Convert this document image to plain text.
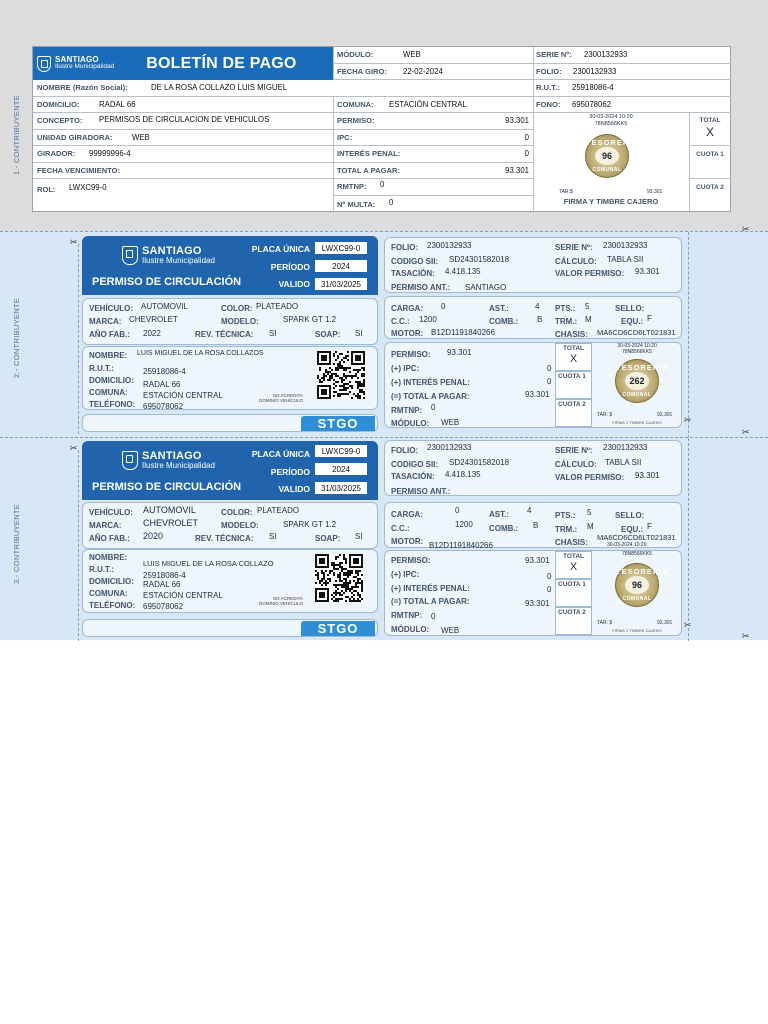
1.- CONTRIBUYENTE
SANTIAGO
Ilustre Municipalidad BOLETÍN DE PAGO	MÓDULO:	WEB	SERIE Nº: 2300132933
FECHA GIRO: 22-02-2024	FOLIO: 2300132933
NOMBRE (Razón Social):	DE LA ROSA COLLAZO LUIS MIGUEL	R.U.T.: 25918086-4
DOMICILIO: RADAL 66	COMUNA: ESTACIÓN CENTRAL	FONO: 695078062
CONCEPTO: PERMISOS DE CIRCULACION DE VEHICULOS
UNIDAD GIRADORA: WEB
GIRADOR: 99999996-4
FECHA VENCIMIENTO:
ROL: LWXC99-0
PERMISO:	93.301
IPC:	0
INTERÉS PENAL:	0
TOTAL A PAGAR:	93.301
RMTNP: 0
Nº MULTA: 0
30-03-2024 10:20
78N8566KK5
TESORERIA
96
COMUNAL
TAR:$	93.301
FIRMA Y TIMBRE CAJERO
TOTAL
X
CUOTA 1
CUOTA 2
2.- CONTRIBUYENTE
✂
✂
✂
✂
SANTIAGO
Ilustre Municipalidad
PERMISO DE CIRCULACIÓN
PLACA ÚNICA
PERÍODO
VALIDO
LWXC99-0
2024
31/03/2025
VEHÍCULO: AUTOMOVIL	COLOR: PLATEADO
MARCA: CHEVROLET	MODELO:	SPARK GT 1.2
AÑO FAB.: 2022	REV. TÉCNICA: SI	SOAP: SI
NOMBRE: LUIS MIGUEL DE LA ROSA COLLAZOS
R.U.T.:	25918086-4
DOMICILIO: RADAL 66
COMUNA: ESTACIÓN CENTRAL
TELÉFONO: 695078062
NO ACREDITA
DOMINIO VEHÍCULO
STGO
FOLIO: 2300132933	SERIE Nº: 2300132933
CODIGO SII: SD24301582018	CÁLCULO: TABLA SII
TASACIÓN: 4.418.135	VALOR PERMISO: 93.301
PERMISO ANT.: SANTIAGO
CARGA: 0	AST.:	4 PTS.: 5	SELLO:
C.C.: 1200	COMB.: B TRM.: M	EQU.: F
MOTOR: B12D1191840266	CHASIS: MA6CD6CD6LT021831
PERMISO: 93.301
(+) IPC:	0
(+) INTERÉS PENAL:	0
(=) TOTAL A PAGAR:	93.301
RMTNP: 0
MÓDULO: WEB
TOTAL
X
CUOTA 1
CUOTA 2
30-03-2024 10:20
78N8566KK5
TESORERIA
262
COMUNAL
TAR: $	93.301
FIRMA Y TIMBRE CAJERO
3.- CONTRIBUYENTE
✂
✂
✂
SANTIAGO
Ilustre Municipalidad
PERMISO DE CIRCULACIÓN
PLACA ÚNICA
PERÍODO
VALIDO
LWXC99-0
2024
31/03/2025
VEHÍCULO: AUTOMOVIL	COLOR: PLATEADO
MARCA: CHEVROLET	MODELO:	SPARK GT 1.2
AÑO FAB.: 2020	REV. TÉCNICA: SI	SOAP: SI
NOMBRE:
LUIS MIGUEL DE LA ROSA COLLAZO
R.U.T.:
25918086-4
DOMICILIO: RADAL 66
COMUNA: ESTACIÓN CENTRAL
TELÉFONO: 695078062
NO ACREDITA
DOMINIO VEHÍCULO
STGO
FOLIO: 2300132933	SERIE Nº: 2300132933
CODIGO SII: SD24301582018	CÁLCULO: TABLA SII
TASACIÓN: 4.418.135	VALOR PERMISO: 93.301
PERMISO ANT.:
CARGA:	0	AST.: 4
PTS.: 5	SELLO:
C.C.:	1200 COMB.: B TRM.: M	EQU.: F
MOTOR: B12D1191840266	CHASIS:
MA6CD6CD6LT021831
30-03-2024 10:20
PERMISO:	93.301
(+) IPC:	0
(+) INTERÉS PENAL:	0
(=) TOTAL A PAGAR:	93.301
RMTNP: 0
MÓDULO: WEB
TOTAL
X
CUOTA 1
CUOTA 2
78N8566KK5
TESORERIA
96
COMUNAL
TAR: $	93.301
FIRMA Y TIMBRE CAJERO
